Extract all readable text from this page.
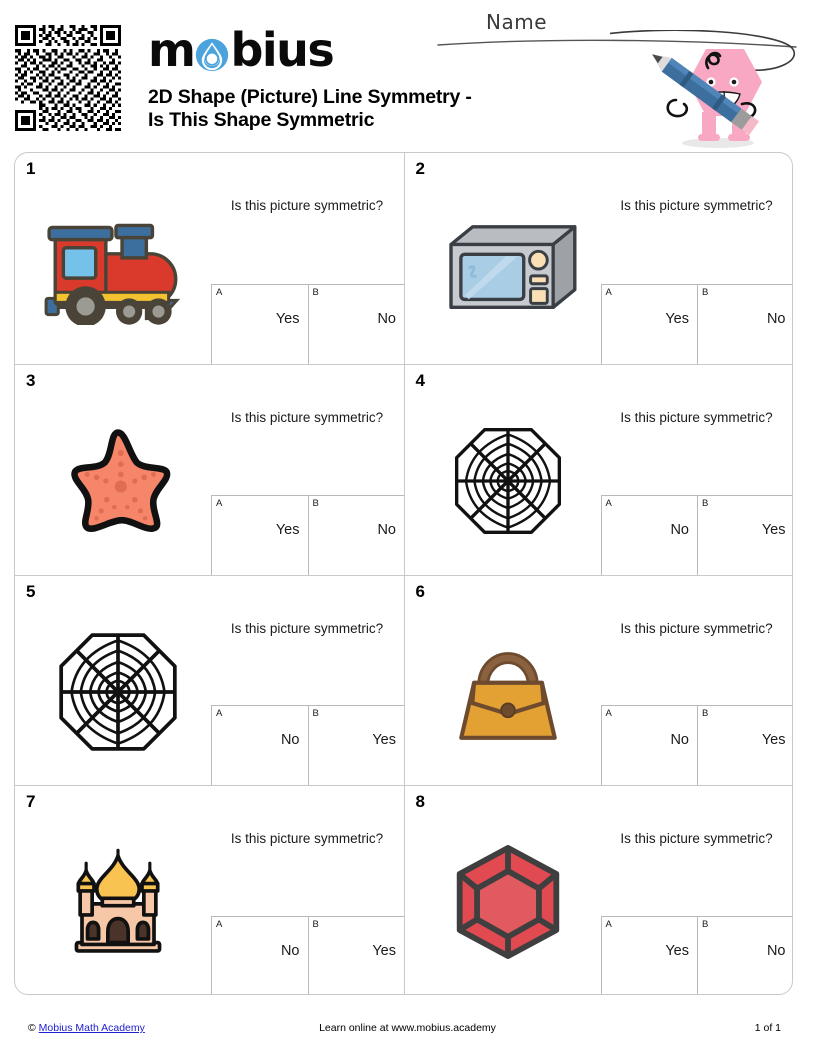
m bius
2D Shape (Picture) Line Symmetry - Is This Shape Symmetric
Name
1
Is this picture symmetric?
A
Yes
B
No
2
Is this picture symmetric?
A
Yes
B
No
3
Is this picture symmetric?
A
Yes
B
No
4
Is this picture symmetric?
A
No
B
Yes
5
Is this picture symmetric?
A
No
B
Yes
6
Is this picture symmetric?
A
No
B
Yes
7
Is this picture symmetric?
A
No
B
Yes
8
Is this picture symmetric?
A
Yes
B
No
© Mobius Math Academy	Learn online at www.mobius.academy	1 of 1
